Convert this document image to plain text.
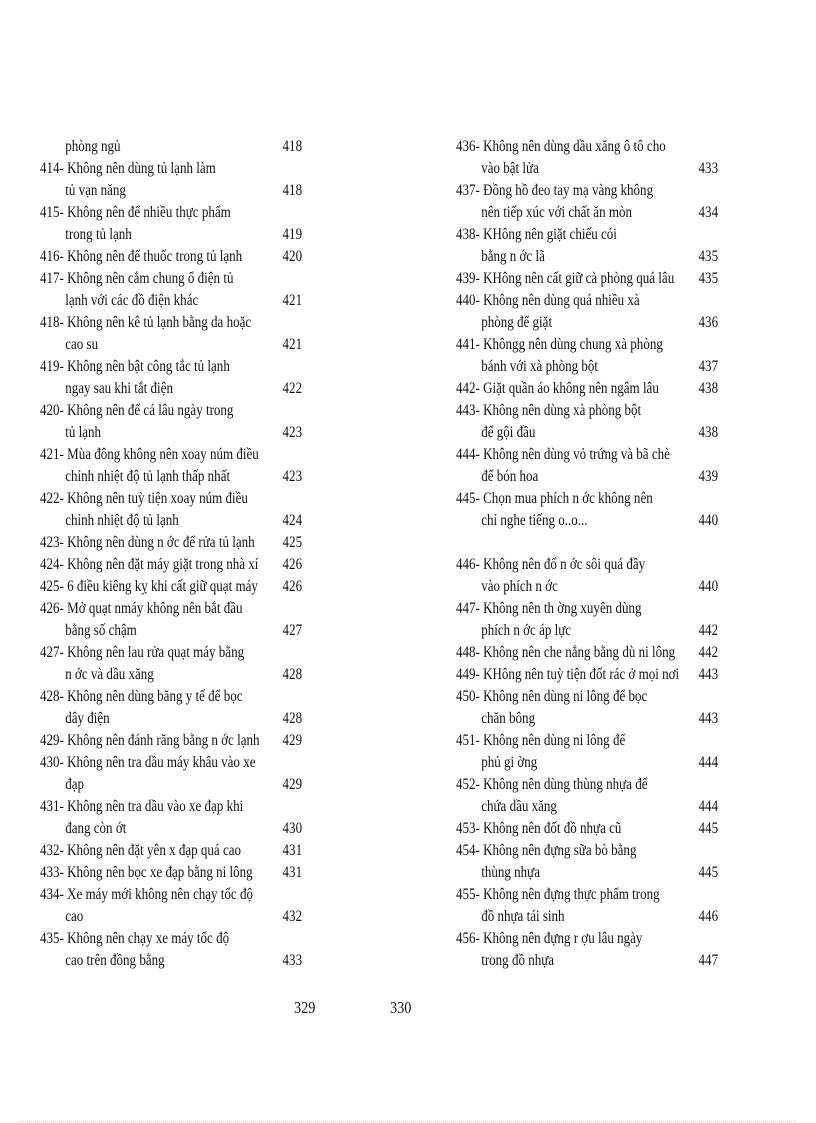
phòng ngủ	418
414- Không nên dùng tủ lạnh làm
tủ vạn năng	418
415- Không nên để nhiều thực phẩm
trong tủ lạnh	419
416- Không nên để thuốc trong tủ lạnh	420
417- Không nên cắm chung ổ điện tủ
lạnh với các đồ điện khác	421
418- Không nên kê tủ lạnh bằng da hoặc
cao su	421
419- Không nên bật công tắc tủ lạnh
ngay sau khi tắt điện	422
420- Không nên để cá lâu ngày trong
tủ lạnh	423
421- Mùa đông không nên xoay núm điều
chỉnh nhiệt độ tủ lạnh thấp nhất	423
422- Không nên tuỳ tiện xoay núm điều
chỉnh nhiệt độ tủ lạnh	424
423- Không nên dùng n ớc để rửa tủ lạnh	425
424- Không nên đặt máy giặt trong nhà xí	426
425- 6 điều kiêng kỵ khi cất giữ quạt máy	426
426- Mở quạt nmáy không nên bắt đầu
bằng số chậm	427
427- Không nên lau rửa quạt máy bằng
n ớc và dầu xăng	428
428- Không nên dùng băng y tế để bọc
dây điện	428
429- Không nên đánh răng bằng n ớc lạnh	429
430- Không nên tra dầu máy khâu vào xe
đạp	429
431- Không nên tra dầu vào xe đạp khi
đang còn ớt	430
432- Không nên đặt yên x đạp quá cao	431
433- Không nên bọc xe đạp bằng ni lông	431
434- Xe máy mới không nên chạy tốc độ
cao	432
435- Không nên chạy xe máy tốc độ
cao trên đồng bằng	433
436- Không nên dùng dầu xăng ô tô cho
vào bật lửa	433
437- Đồng hồ đeo tay mạ vàng không
nên tiếp xúc với chất ăn mòn	434
438- KHông nên giặt chiếu cói
bằng n ớc lã	435
439- KHông nên cất giữ cà phòng quá lâu	435
440- Không nên dùng quá nhiều xà
phòng để giặt	436
441- Khôngg nên dùng chung xà phòng
bánh với xà phòng bột	437
442- Giặt quần áo không nên ngâm lâu	438
443- Không nên dùng xà phòng bột
để gội đầu	438
444- Không nên dùng vỏ trứng và bã chè
để bón hoa	439
445- Chọn mua phích n ớc không nên
chỉ nghe tiếng o..o...	440
446- Không nên đổ n ớc sôi quá đầy
vào phích n ớc	440
447- Không nên th ờng xuyên dùng
phích n ớc áp lực	442
448- Không nên che nắng bằng dù ni lông	442
449- KHông nên tuỳ tiện đốt rác ở mọi nơi	443
450- Không nên dùng ni lông để bọc
chăn bông	443
451- Không nên dùng ni lông để
phủ gi ờng	444
452- Không nên dùng thùng nhựa để
chứa dầu xăng	444
453- Không nên đốt đồ nhựa cũ	445
454- Không nên đựng sữa bò bằng
thùng nhựa	445
455- Không nên đựng thực phẩm trong
đồ nhựa tái sinh	446
456- Không nên đựng r ợu lâu ngày
trong đồ nhựa	447
329	330
